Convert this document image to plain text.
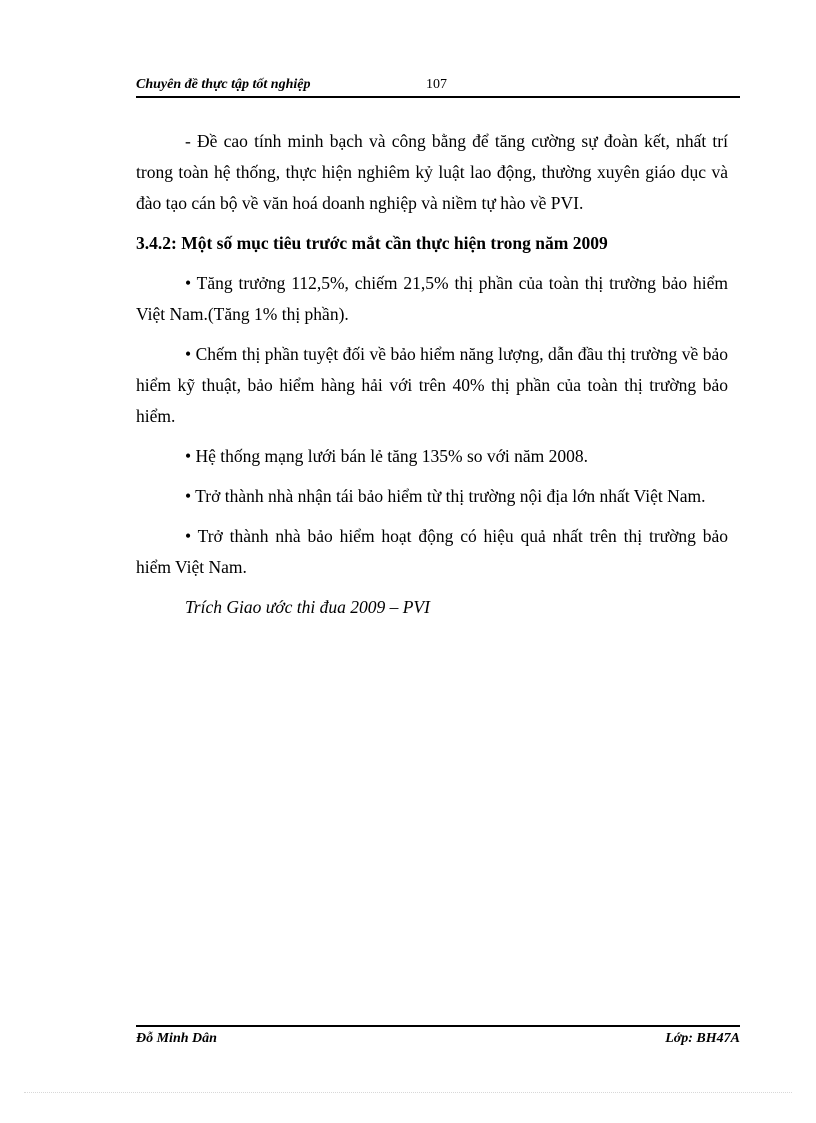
Chuyên đề thực tập tốt nghiệp	107

- Đề cao tính minh bạch và công bằng để tăng cường sự đoàn kết, nhất trí trong toàn hệ thống, thực hiện nghiêm kỷ luật lao động, thường xuyên giáo dục và đào tạo cán bộ về văn hoá doanh nghiệp và niềm tự hào về PVI.

3.4.2: Một số mục tiêu trước mắt cần thực hiện trong năm 2009

• Tăng trưởng 112,5%, chiếm 21,5% thị phần của toàn thị trường bảo hiểm Việt Nam.(Tăng 1% thị phần).

• Chếm thị phần tuyệt đối về bảo hiểm năng lượng, dẫn đầu thị trường về bảo hiểm kỹ thuật, bảo hiểm hàng hải với trên 40% thị phần của toàn thị trường bảo hiểm.

• Hệ thống mạng lưới bán lẻ tăng 135% so với năm 2008.

• Trở thành nhà nhận tái bảo hiểm từ thị trường nội địa lớn nhất Việt Nam.

• Trở thành nhà bảo hiểm hoạt động có hiệu quả nhất trên thị trường bảo hiểm Việt Nam.

Trích Giao ước thi đua 2009 – PVI

Đỗ Minh Dân	Lớp: BH47A
